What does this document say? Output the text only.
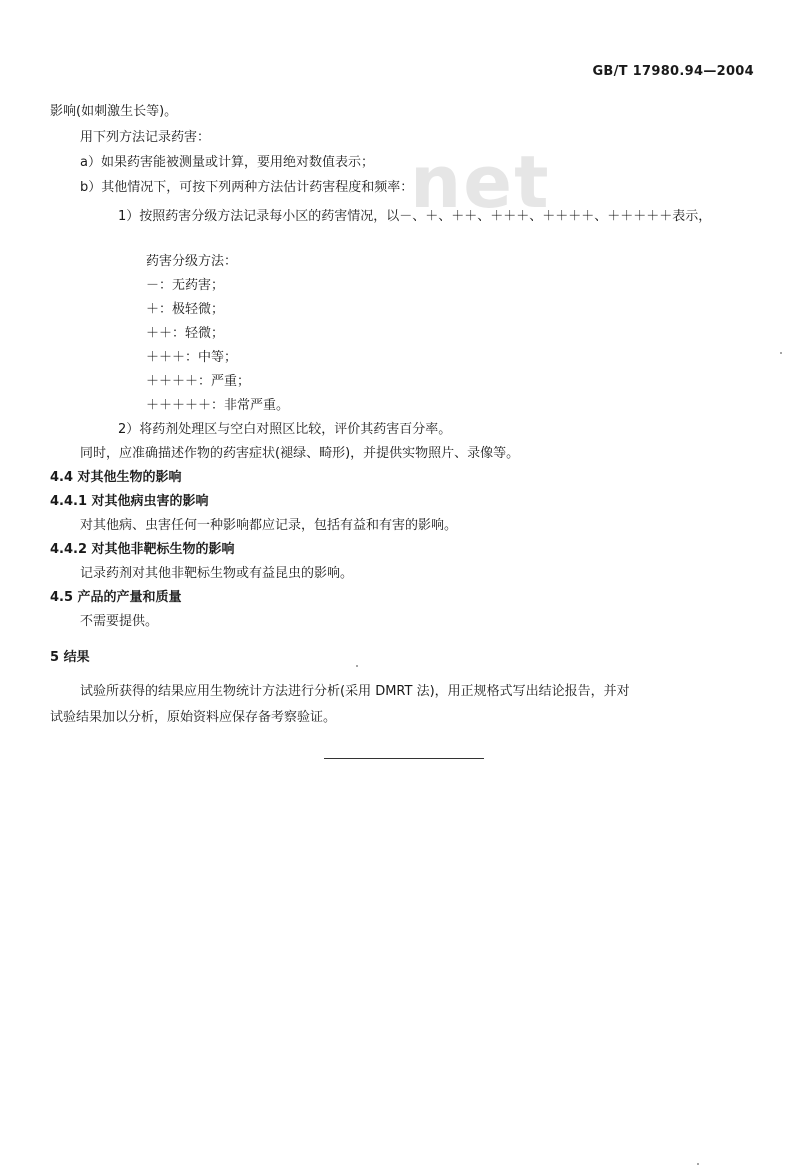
net
GB/T 17980.94—2004
影响(如刺激生长等)。
用下列方法记录药害：
a）如果药害能被测量或计算，要用绝对数值表示；
b）其他情况下，可按下列两种方法估计药害程度和频率：
1）按照药害分级方法记录每小区的药害情况，以－、＋、＋＋、＋＋＋、＋＋＋＋、＋＋＋＋＋表示，
药害分级方法：
－：无药害；
＋：极轻微；
＋＋：轻微；
＋＋＋：中等；
＋＋＋＋：严重；
＋＋＋＋＋：非常严重。
2）将药剂处理区与空白对照区比较，评价其药害百分率。
同时，应准确描述作物的药害症状(褪绿、畸形)，并提供实物照片、录像等。
4.4 对其他生物的影响
4.4.1 对其他病虫害的影响
对其他病、虫害任何一种影响都应记录，包括有益和有害的影响。
4.4.2 对其他非靶标生物的影响
记录药剂对其他非靶标生物或有益昆虫的影响。
4.5 产品的产量和质量
不需要提供。
5 结果
试验所获得的结果应用生物统计方法进行分析(采用 DMRT 法)，用正规格式写出结论报告，并对
试验结果加以分析，原始资料应保存备考察验证。
